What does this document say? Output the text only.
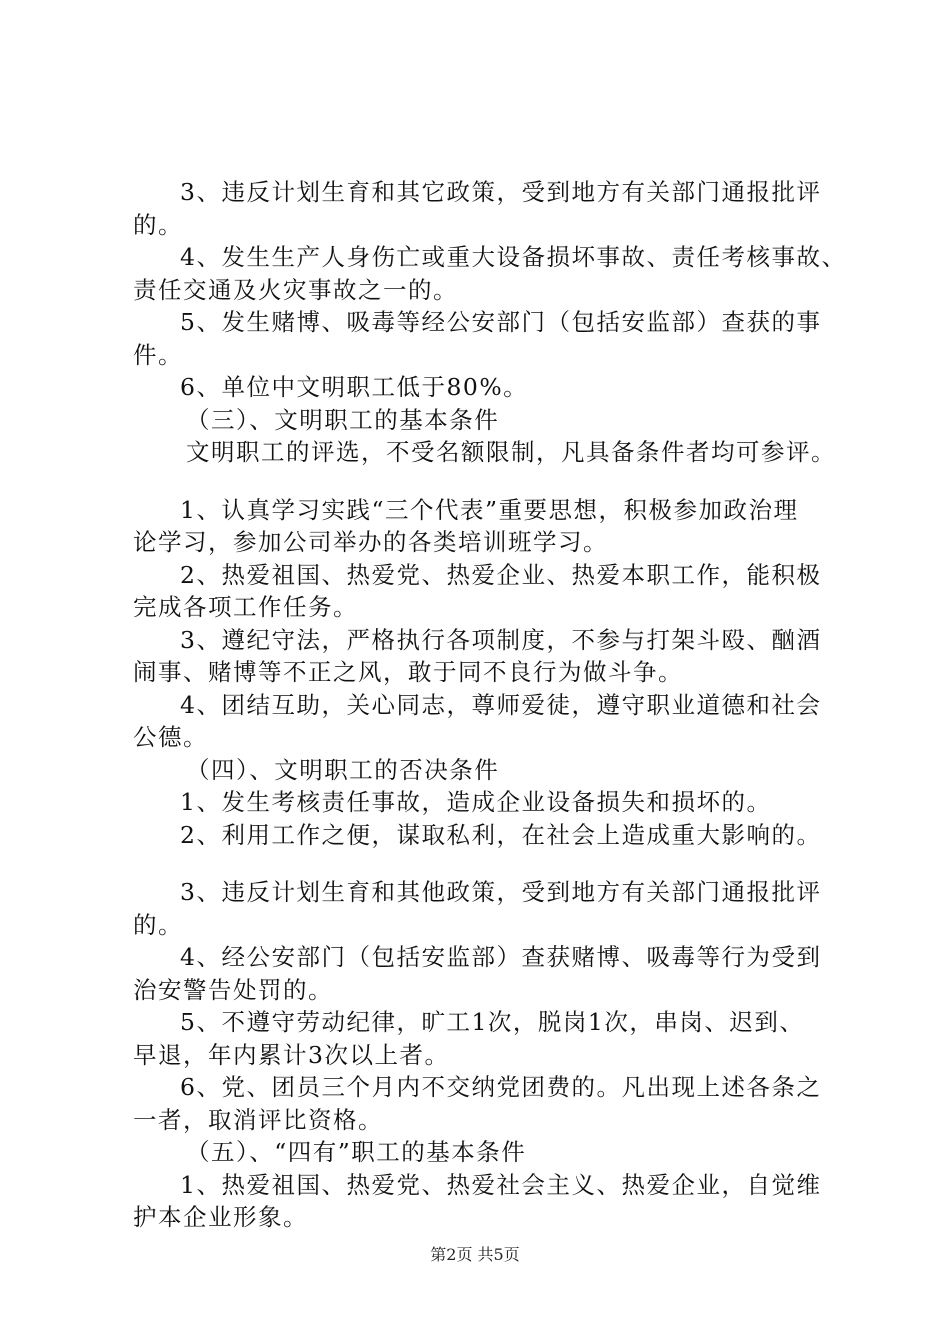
3、违反计划生育和其它政策，受到地方有关部门通报批评
的。
4、发生生产人身伤亡或重大设备损坏事故、责任考核事故、
责任交通及火灾事故之一的。
5、发生赌博、吸毒等经公安部门（包括安监部）查获的事
件。
6、单位中文明职工低于80%。
（三）、文明职工的基本条件
文明职工的评选，不受名额限制，凡具备条件者均可参评。
1、认真学习实践“三个代表”重要思想，积极参加政治理
论学习，参加公司举办的各类培训班学习。
2、热爱祖国、热爱党、热爱企业、热爱本职工作，能积极
完成各项工作任务。
3、遵纪守法，严格执行各项制度，不参与打架斗殴、酗酒
闹事、赌博等不正之风，敢于同不良行为做斗争。
4、团结互助，关心同志，尊师爱徒，遵守职业道德和社会
公德。
（四）、文明职工的否决条件
1、发生考核责任事故，造成企业设备损失和损坏的。
2、利用工作之便，谋取私利，在社会上造成重大影响的。
3、违反计划生育和其他政策，受到地方有关部门通报批评
的。
4、经公安部门（包括安监部）查获赌博、吸毒等行为受到
治安警告处罚的。
5、不遵守劳动纪律，旷工1次，脱岗1次，串岗、迟到、
早退，年内累计3次以上者。
6、党、团员三个月内不交纳党团费的。凡出现上述各条之
一者，取消评比资格。
（五）、“四有”职工的基本条件
1、热爱祖国、热爱党、热爱社会主义、热爱企业，自觉维
护本企业形象。
第2页 共5页
